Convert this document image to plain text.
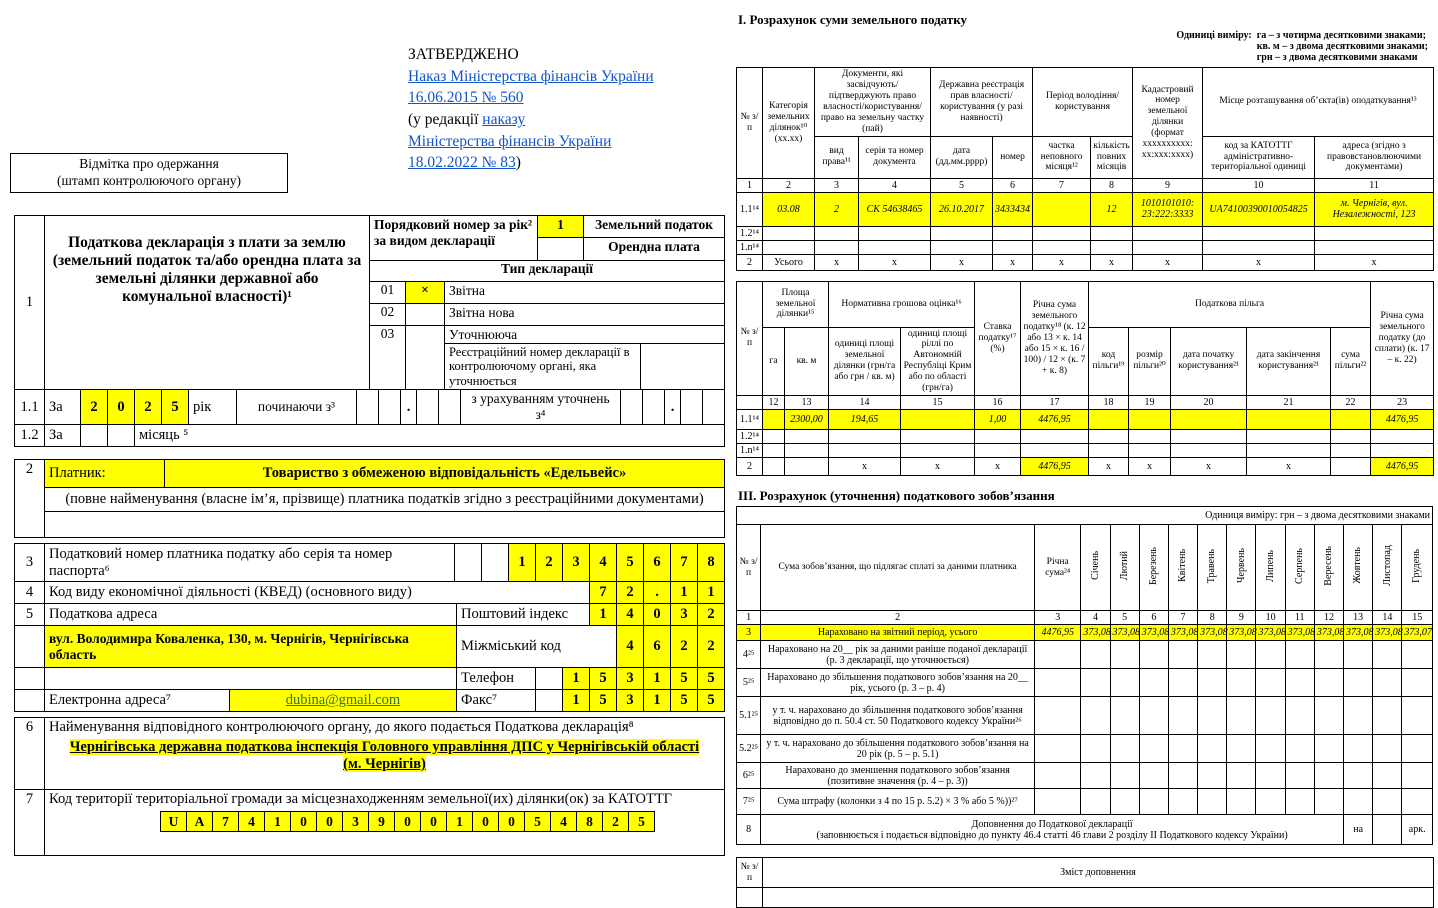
ЗАТВЕРДЖЕНО
Наказ Міністерства фінансів України
16.06.2015 № 560
(у редакції наказу
Міністерства фінансів України
18.02.2022 № 83)
Відмітка про одержання
(штамп контролюючого органу)
1	Податкова декларація з плати за землю (земельний податок та/або орендна плата за земельні ділянки державної або комунальної власності)¹	
Порядковий номер за рік² за видом декларації
1	Земельний податок
Орендна плата
Тип декларації
01	×	Звітна
02	Звітна нова
03	Уточнююча
Реєстраційний номер декларації в контролюючому органі, яка уточнюється
1.1	За	2	0	2	5	рік	починаючи з³			.			з урахуванням уточнень з⁴			.		
1.2	За			місяць ⁵														
2	Платник:	Товариство з обмеженою відповідальність «Едельвейс»
(повне найменування (власне ім’я, прізвище) платника податків згідно з реєстраційними документами)

3	Податковий номер платника податку або серія та номер паспорта⁶			1	2	3	4	5	6	7	8
4	Код виду економічної діяльності (КВЕД) (основного виду)	7	2	.	1	1
5	Податкова адреса		Поштовий індекс			1	4	0	3	2
	вул. Володимира Коваленка, 130, м. Чернігів, Чернігівська область		Міжміський код				4	6	2	2
			Телефон		1	5	3	1	5	5
	Електронна адреса⁷	dubina@gmail.com	Факс⁷		1	5	3	1	5	5
6	Найменування відповідного контролюючого органу, до якого подається Податкова декларація⁸
Чернігівська державна податкова інспекція Головного управління ДПС у Чернігівській області
(м. Чернігів)
7	Код території територіальної громади за місцезнаходженням земельної(их) ділянки(ок) за КАТОТТГ
U	A	7	4	1	0	0	3	9	0	0	1	0	0	5	4	8	2	5
І. Розрахунок суми земельного податку
Одиниці виміру: га – з чотирма десятковими знаками;
кв. м – з двома десятковими знаками;
грн – з двома десятковими знаками
№ з/п	Категорія земельних ділянок¹⁰ (хх.хх)	Документи, які засвідчують/підтверджують право власності/користування/ право на земельну частку (пай)		Державна реєстрація прав власності/користування (у разі наявності)		Період володіння/користування		Кадастровий номер земельної ділянки (формат хххххххххх: хх:ххх:хххх)	Місце розташування об’єкта(ів) оподаткування¹³	
		вид права¹¹	серія та номер документа	дата (дд.мм.рррр)	номер	частка неповного місяця¹²	кількість повних місяців		код за КАТОТТГ адміністративно-територіальної одиниці	адреса (згідно з правовстановлюючими документами)
1	2	3	4	5	6	7	8	9	10	11
1.1¹⁴	03.08	2	СК 54638465	26.10.2017	3433434		12	1010101010: 23:222:3333	UA74100390010054825	м. Чернігів, вул. Незалежності, 123
1.2¹⁴										
1.n¹⁴										
2	Усього	х	х	х	х	х	х	х	х	х
№ з/п	Площа земельної ділянки¹⁵		Нормативна грошова оцінка¹⁶		Ставка податку¹⁷ (%)	Річна сума земельного податку¹⁸ (к. 12 або 13 × к. 14 або 15 × к. 16 / 100) / 12 × (к. 7 + к. 8)	Податкова пільга					Річна сума земельного податку (до сплати) (к. 17 – к. 22)
	га	кв. м	одиниці площі земельної ділянки (грн/га або грн / кв. м)	одиниці площі ріллі по Автономній Республіці Крим або по області (грн/га)			код пільги¹⁹	розмір пільги²⁰	дата початку користування²¹	дата закінчення користування²¹	сума пільги²²	
	12	13	14	15	16	17	18	19	20	21	22	23
1.1¹⁴		2300,00	194,65		1,00	4476,95						4476,95
1.2¹⁴												
1.n¹⁴												
2			х	х	х	4476,95	х	х	х	х		4476,95
ІІІ. Розрахунок (уточнення) податкового зобов’язання
Одиниця виміру: грн – з двома десятковими знаками														
№ з/п	Сума зобов’язання, що підлягає сплаті за даними платника	Річна сума²⁴	Січень	Лютий	Березень	Квітень	Травень	Червень	Липень	Серпень	Вересень	Жовтень	Листопад	Грудень
1	2	3	4	5	6	7	8	9	10	11	12	13	14	15
3	Нараховано на звітний період, усього	4476,95	373,08	373,08	373,08	373,08	373,08	373,08	373,08	373,08	373,08	373,08	373,08	373,07
4²⁵	Нараховано на 20__ рік за даними раніше поданої декларації (р. 3 декларації, що уточнюється)													
5²⁵	Нараховано до збільшення податкового зобов’язання на 20__ рік, усього (р. 3 – р. 4)													
5.1²⁵	у т. ч. нараховано до збільшення податкового зобов’язання відповідно до п. 50.4 ст. 50 Податкового кодексу України²⁶													
5.2²⁵	у т. ч. нараховано до збільшення податкового зобов’язання на 20 рік (р. 5 – р. 5.1)													
6²⁵	Нараховано до зменшення податкового зобов’язання (позитивне значення (р. 4 – р. 3))													
7²⁵	Сума штрафу (колонки з 4 по 15 р. 5.2) × 3 % або 5 %))²⁷													
8	Доповнення до Податкової декларації
(заповнюється і подається відповідно до пункту 46.4 статті 46 глави 2 розділу ІІ Податкового кодексу України)											на		арк.
№ з/п	Зміст доповнення
